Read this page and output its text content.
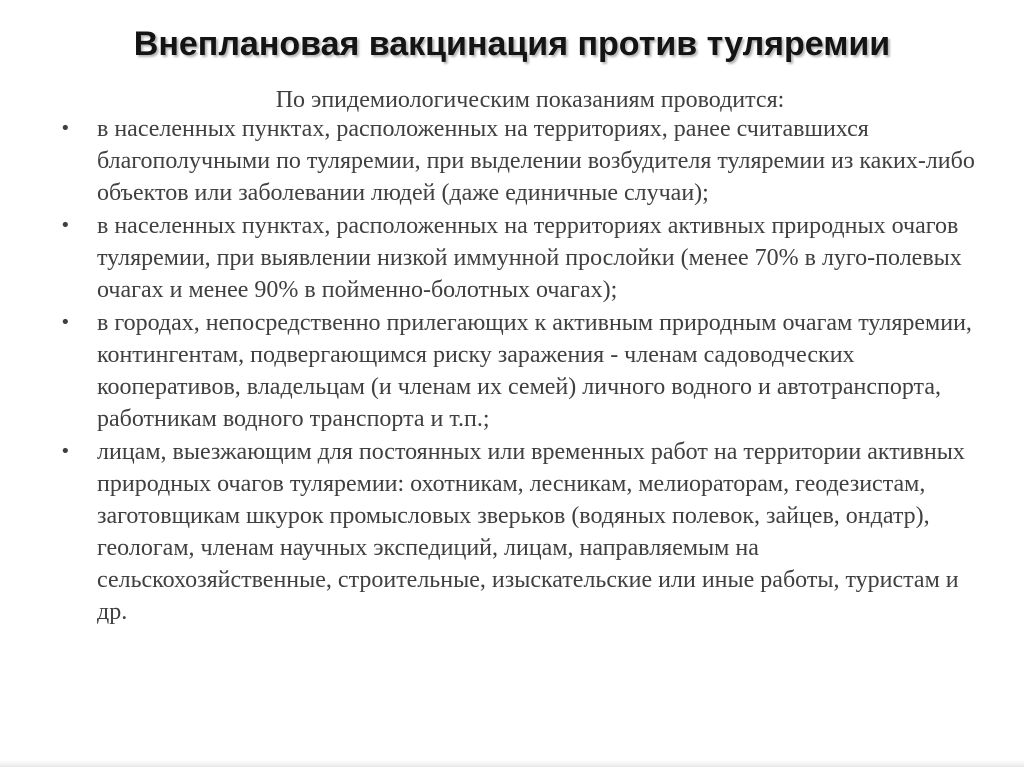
Внеплановая вакцинация против туляремии

По эпидемиологическим показаниям проводится:

• в населенных пунктах, расположенных на территориях, ранее считавшихся благополучными по туляремии, при выделении возбудителя туляремии из каких-либо объектов или заболевании людей (даже единичные случаи);
• в населенных пунктах, расположенных на территориях активных природных очагов туляремии, при выявлении низкой иммунной прослойки (менее 70% в луго-полевых очагах и менее 90% в пойменно-болотных очагах);
• в городах, непосредственно прилегающих к активным природным очагам туляремии, контингентам, подвергающимся риску заражения - членам садоводческих кооперативов, владельцам (и членам их семей) личного водного и автотранспорта, работникам водного транспорта и т.п.;
• лицам, выезжающим для постоянных или временных работ на территории активных природных очагов туляремии: охотникам, лесникам, мелиораторам, геодезистам, заготовщикам шкурок промысловых зверьков (водяных полевок, зайцев, ондатр), геологам, членам научных экспедиций, лицам, направляемым на сельскохозяйственные, строительные, изыскательские или иные работы, туристам и др.
